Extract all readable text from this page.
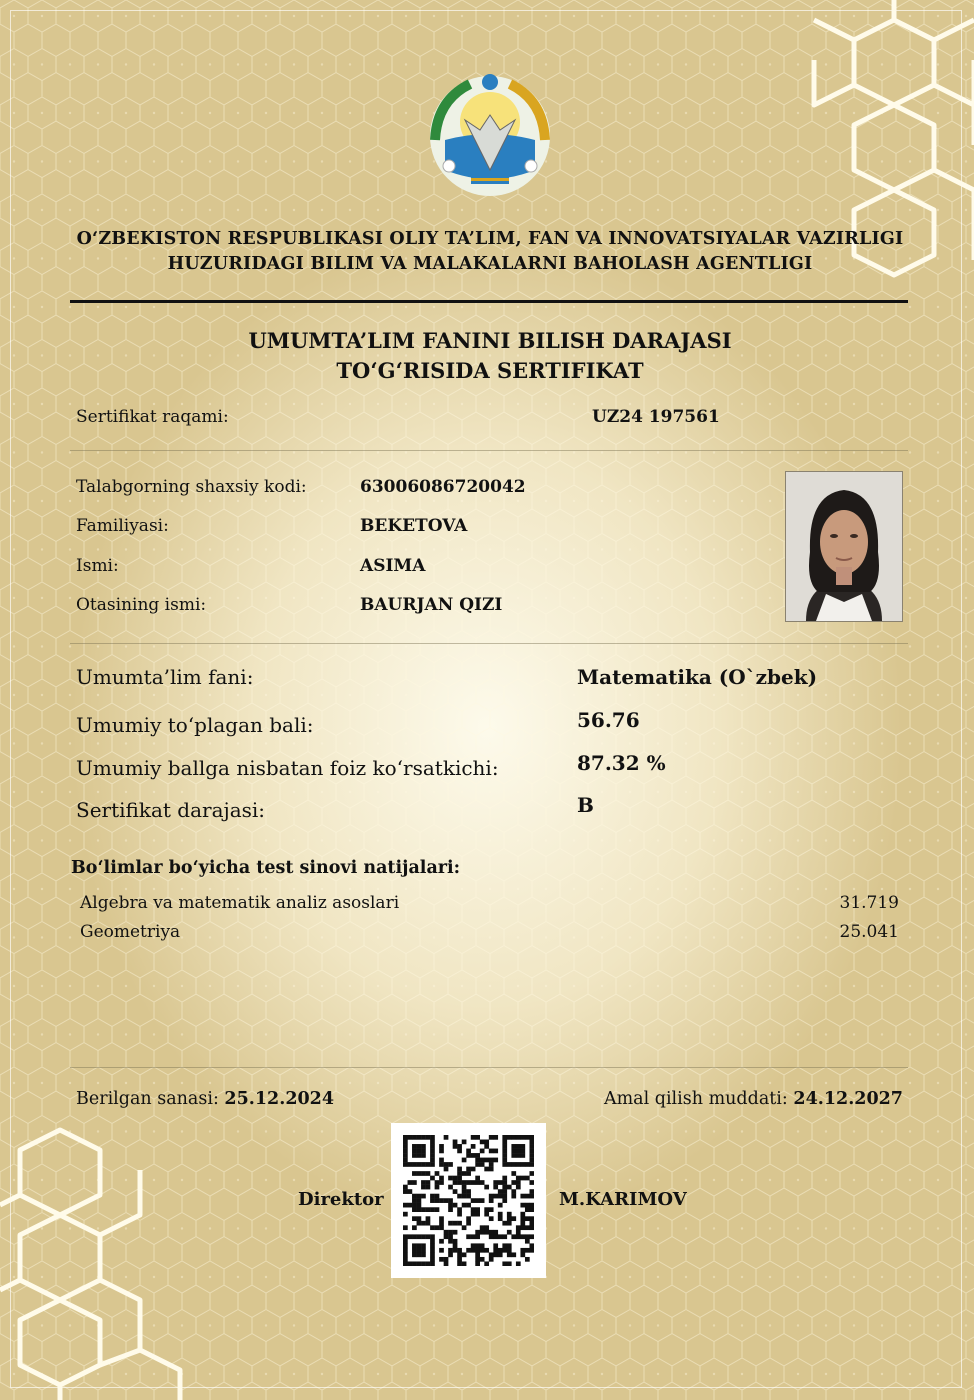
O‘ZBEKISTON RESPUBLIKASI OLIY TA’LIM, FAN VA INNOVATSIYALAR VAZIRLIGI
HUZURIDAGI BILIM VA MALAKALARNI BAHOLASH AGENTLIGI
UMUMTA’LIM FANINI BILISH DARAJASI
TO‘G‘RISIDA SERTIFIKAT
Sertifikat raqami:	UZ24 197561
Talabgorning shaxsiy kodi:	63006086720042
Familiyasi:	BEKETOVA
Ismi:	ASIMA
Otasining ismi:	BAURJAN QIZI
Umumta’lim fani:	Matematika (O`zbek)
Umumiy to‘plagan bali:	56.76
Umumiy ballga nisbatan foiz ko‘rsatkichi:	87.32 %
Sertifikat darajasi:	B
Bo‘limlar bo‘yicha test sinovi natijalari:
Algebra va matematik analiz asoslari	31.719
Geometriya	25.041
Berilgan sanasi: 25.12.2024	Amal qilish muddati: 24.12.2027
Direktor	M.KARIMOV
